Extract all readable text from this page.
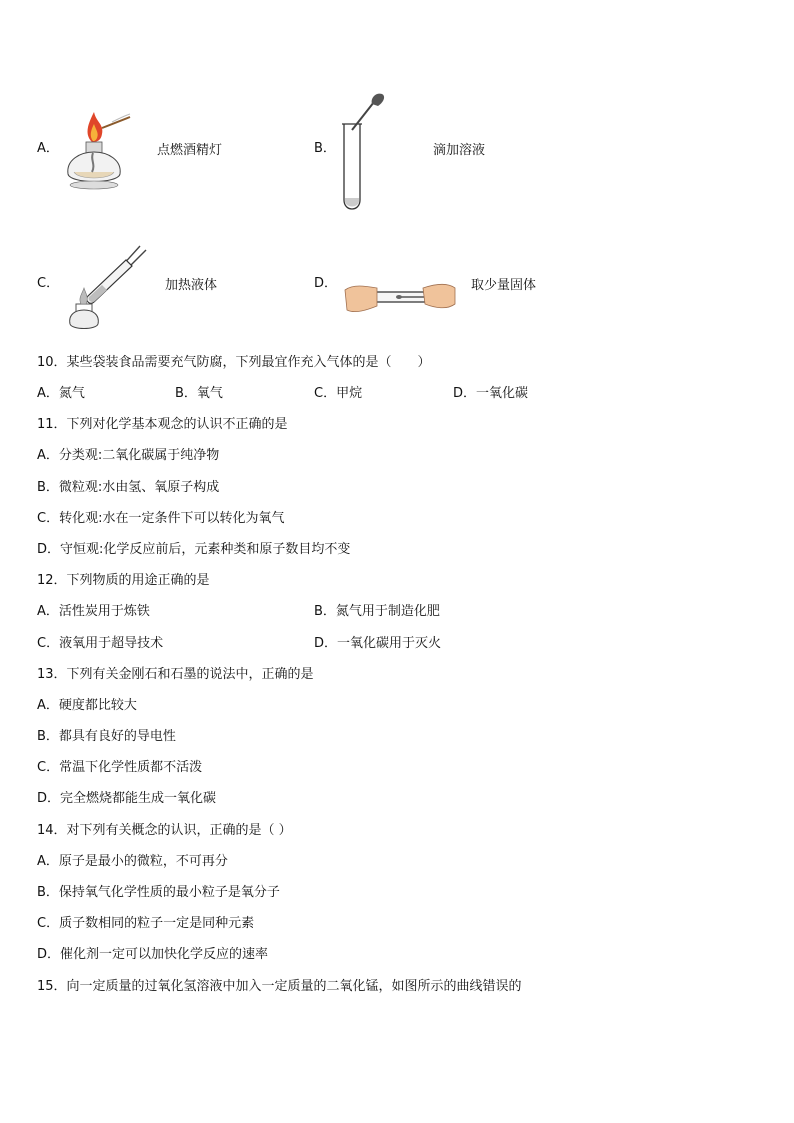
A．	点燃酒精灯	B．	滴加溶液
C．	加热液体	D．	取少量固体
10．某些袋装食品需要充气防腐，下列最宜作充入气体的是（　　）
A．氮气	B．氧气	C．甲烷	D．一氧化碳
11．下列对化学基本观念的认识不正确的是
A．分类观:二氧化碳属于纯净物
B．微粒观:水由氢、氧原子构成
C．转化观:水在一定条件下可以转化为氧气
D．守恒观:化学反应前后，元素种类和原子数目均不变
12．下列物质的用途正确的是
A．活性炭用于炼铁	B．氮气用于制造化肥
C．液氧用于超导技术	D．一氧化碳用于灭火
13．下列有关金刚石和石墨的说法中，正确的是
A．硬度都比较大
B．都具有良好的导电性
C．常温下化学性质都不活泼
D．完全燃烧都能生成一氧化碳
14．对下列有关概念的认识，正确的是（ ）
A．原子是最小的微粒，不可再分
B．保持氧气化学性质的最小粒子是氧分子
C．质子数相同的粒子一定是同种元素
D．催化剂一定可以加快化学反应的速率
15．向一定质量的过氧化氢溶液中加入一定质量的二氧化锰，如图所示的曲线错误的
